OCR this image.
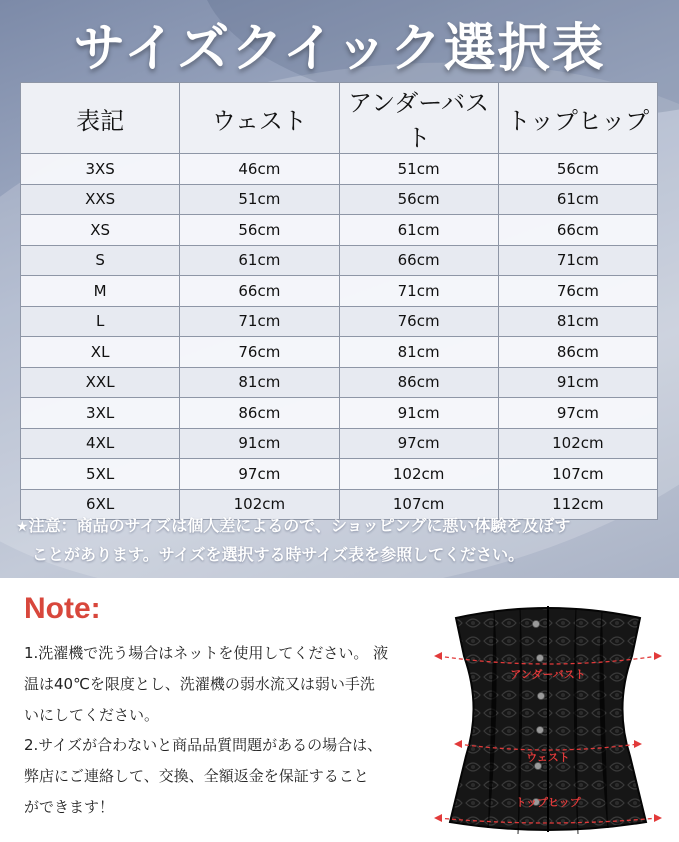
サイズクイック選択表
表記	ウェスト	アンダーバスト	トップヒップ
3XS	46cm	51cm	56cm
XXS	51cm	56cm	61cm
XS	56cm	61cm	66cm
S	61cm	66cm	71cm
M	66cm	71cm	76cm
L	71cm	76cm	81cm
XL	76cm	81cm	86cm
XXL	81cm	86cm	91cm
3XL	86cm	91cm	97cm
4XL	91cm	97cm	102cm
5XL	97cm	102cm	107cm
6XL	102cm	107cm	112cm
★注意：商品のサイズは個人差によるので、ショッピングに悪い体験を及ぼす
ことがあります。サイズを選択する時サイズ表を参照してください。
Note:
1.洗濯機で洗う場合はネットを使用してください。 液
温は40℃を限度とし、洗濯機の弱水流又は弱い手洗
いにしてください。
2.サイズが合わないと商品品質問題があるの場合は、
弊店にご連絡して、交換、全額返金を保証すること
ができます！
アンダーバスト
ウェスト
トップヒップ
